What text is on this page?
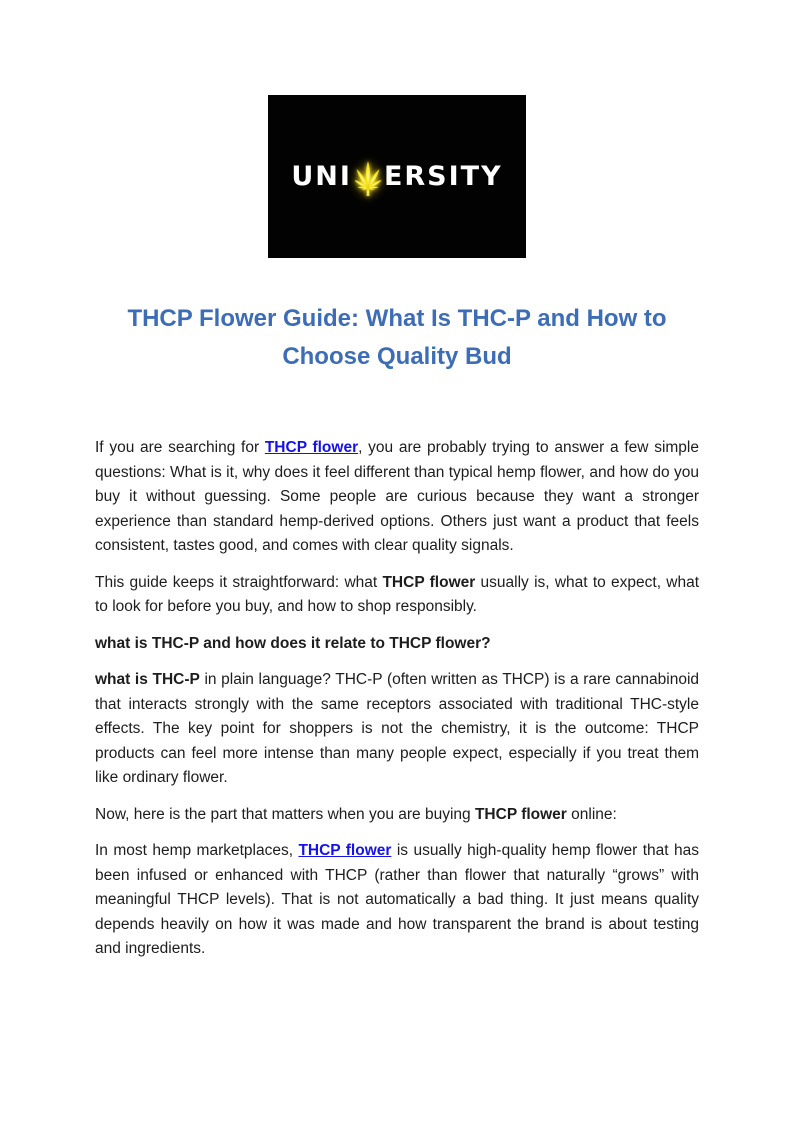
UNI ERSITY
THCP Flower Guide: What Is THC-P and How to
Choose Quality Bud

If you are searching for THCP flower, you are probably trying to answer a few simple questions: What is it, why does it feel different than typical hemp flower, and how do you buy it without guessing. Some people are curious because they want a stronger experience than standard hemp-derived options. Others just want a product that feels consistent, tastes good, and comes with clear quality signals.

This guide keeps it straightforward: what THCP flower usually is, what to expect, what to look for before you buy, and how to shop responsibly.

what is THC-P and how does it relate to THCP flower?

what is THC-P in plain language? THC-P (often written as THCP) is a rare cannabinoid that interacts strongly with the same receptors associated with traditional THC-style effects. The key point for shoppers is not the chemistry, it is the outcome: THCP products can feel more intense than many people expect, especially if you treat them like ordinary flower.

Now, here is the part that matters when you are buying THCP flower online:

In most hemp marketplaces, THCP flower is usually high-quality hemp flower that has been infused or enhanced with THCP (rather than flower that naturally “grows” with meaningful THCP levels). That is not automatically a bad thing. It just means quality depends heavily on how it was made and how transparent the brand is about testing and ingredients.
